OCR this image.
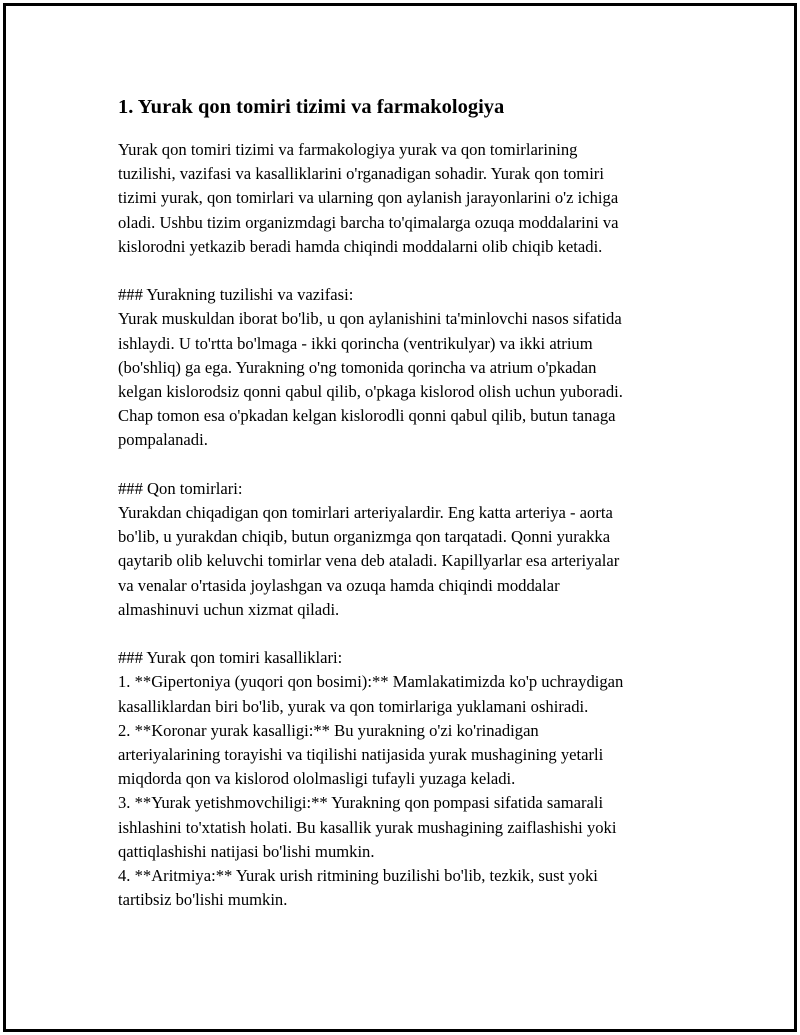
1. Yurak qon tomiri tizimi va farmakologiya

Yurak qon tomiri tizimi va farmakologiya yurak va qon tomirlarining
tuzilishi, vazifasi va kasalliklarini o'rganadigan sohadir. Yurak qon tomiri
tizimi yurak, qon tomirlari va ularning qon aylanish jarayonlarini o'z ichiga
oladi. Ushbu tizim organizmdagi barcha to'qimalarga ozuqa moddalarini va
kislorodni yetkazib beradi hamda chiqindi moddalarni olib chiqib ketadi.

### Yurakning tuzilishi va vazifasi:
Yurak muskuldan iborat bo'lib, u qon aylanishini ta'minlovchi nasos sifatida
ishlaydi. U to'rtta bo'lmaga - ikki qorincha (ventrikulyar) va ikki atrium
(bo'shliq) ga ega. Yurakning o'ng tomonida qorincha va atrium o'pkadan
kelgan kislorodsiz qonni qabul qilib, o'pkaga kislorod olish uchun yuboradi.
Chap tomon esa o'pkadan kelgan kislorodli qonni qabul qilib, butun tanaga
pompalanadi.

### Qon tomirlari:
Yurakdan chiqadigan qon tomirlari arteriyalardir. Eng katta arteriya - aorta
bo'lib, u yurakdan chiqib, butun organizmga qon tarqatadi. Qonni yurakka
qaytarib olib keluvchi tomirlar vena deb ataladi. Kapillyarlar esa arteriyalar
va venalar o'rtasida joylashgan va ozuqa hamda chiqindi moddalar
almashinuvi uchun xizmat qiladi.

### Yurak qon tomiri kasalliklari:
1. **Gipertoniya (yuqori qon bosimi):** Mamlakatimizda ko'p uchraydigan
kasalliklardan biri bo'lib, yurak va qon tomirlariga yuklamani oshiradi.
2. **Koronar yurak kasalligi:** Bu yurakning o'zi ko'rinadigan
arteriyalarining torayishi va tiqilishi natijasida yurak mushagining yetarli
miqdorda qon va kislorod ololmasligi tufayli yuzaga keladi.
3. **Yurak yetishmovchiligi:** Yurakning qon pompasi sifatida samarali
ishlashini to'xtatish holati. Bu kasallik yurak mushagining zaiflashishi yoki
qattiqlashishi natijasi bo'lishi mumkin.
4. **Aritmiya:** Yurak urish ritmining buzilishi bo'lib, tezkik, sust yoki
tartibsiz bo'lishi mumkin.
